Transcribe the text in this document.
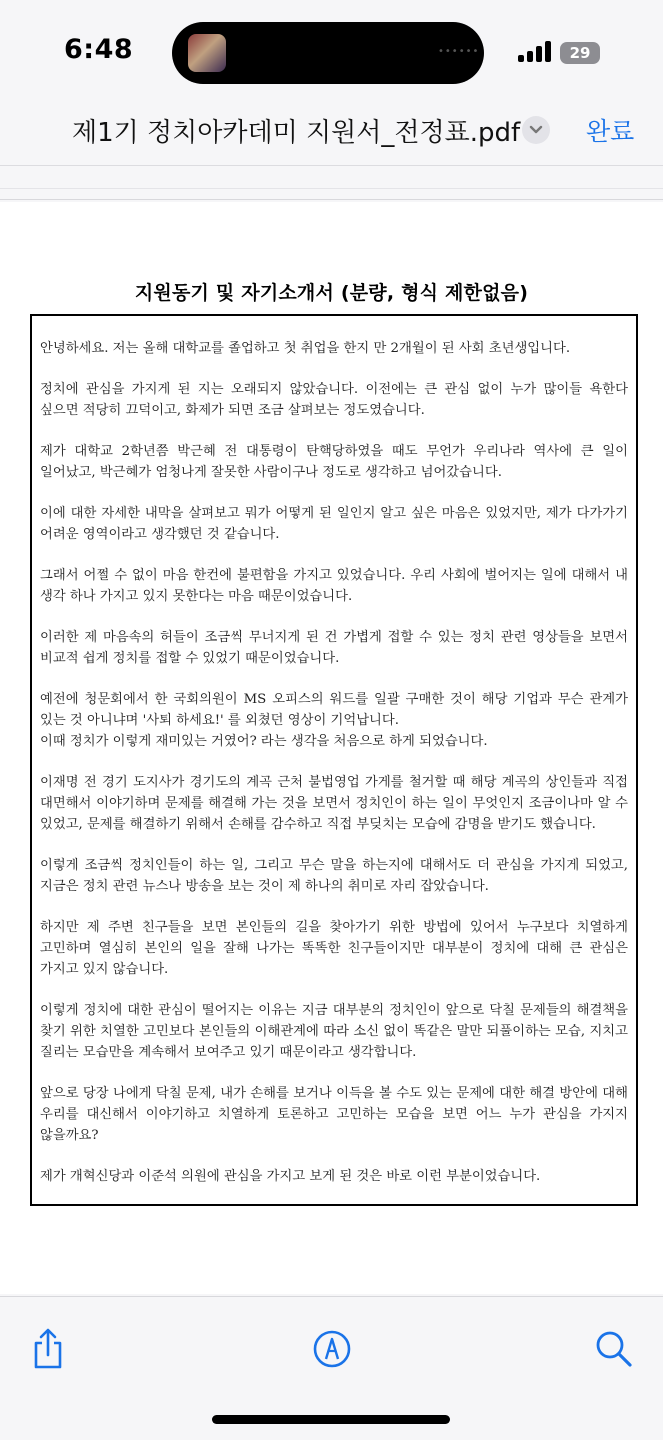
6:48	••••••	29
제1기 정치아카데미 지원서_전정표.pdf	완료
지원동기 및 자기소개서 (분량, 형식 제한없음)

안녕하세요. 저는 올해 대학교를 졸업하고 첫 취업을 한지 만 2개월이 된 사회 초년생입니다.

정치에 관심을 가지게 된 지는 오래되지 않았습니다. 이전에는 큰 관심 없이 누가 많이들 욕한다 싶으면 적당히 끄덕이고, 화제가 되면 조금 살펴보는 정도였습니다.

제가 대학교 2학년쯤 박근혜 전 대통령이 탄핵당하였을 때도 무언가 우리나라 역사에 큰 일이 일어났고, 박근혜가 엄청나게 잘못한 사람이구나 정도로 생각하고 넘어갔습니다.

이에 대한 자세한 내막을 살펴보고 뭐가 어떻게 된 일인지 알고 싶은 마음은 있었지만, 제가 다가가기 어려운 영역이라고 생각했던 것 같습니다.

그래서 어쩔 수 없이 마음 한컨에 불편함을 가지고 있었습니다. 우리 사회에 벌어지는 일에 대해서 내 생각 하나 가지고 있지 못한다는 마음 때문이었습니다.

이러한 제 마음속의 허들이 조금씩 무너지게 된 건 가볍게 접할 수 있는 정치 관련 영상들을 보면서 비교적 쉽게 정치를 접할 수 있었기 때문이었습니다.

예전에 청문회에서 한 국회의원이 MS 오피스의 워드를 일괄 구매한 것이 해당 기업과 무슨 관계가 있는 것 아니냐며 '사퇴 하세요!' 를 외쳤던 영상이 기억납니다.
이때 정치가 이렇게 재미있는 거였어? 라는 생각을 처음으로 하게 되었습니다.

이재명 전 경기 도지사가 경기도의 계곡 근처 불법영업 가게를 철거할 때 해당 계곡의 상인들과 직접 대면해서 이야기하며 문제를 해결해 가는 것을 보면서 정치인이 하는 일이 무엇인지 조금이나마 알 수 있었고, 문제를 해결하기 위해서 손해를 감수하고 직접 부딪치는 모습에 감명을 받기도 했습니다.

이렇게 조금씩 정치인들이 하는 일, 그리고 무슨 말을 하는지에 대해서도 더 관심을 가지게 되었고, 지금은 정치 관련 뉴스나 방송을 보는 것이 제 하나의 취미로 자리 잡았습니다.

하지만 제 주변 친구들을 보면 본인들의 길을 찾아가기 위한 방법에 있어서 누구보다 치열하게 고민하며 열심히 본인의 일을 잘해 나가는 똑똑한 친구들이지만 대부분이 정치에 대해 큰 관심은 가지고 있지 않습니다.

이렇게 정치에 대한 관심이 떨어지는 이유는 지금 대부분의 정치인이 앞으로 닥칠 문제들의 해결책을 찾기 위한 치열한 고민보다 본인들의 이해관계에 따라 소신 없이 똑같은 말만 되풀이하는 모습, 지치고 질리는 모습만을 계속해서 보여주고 있기 때문이라고 생각합니다.

앞으로 당장 나에게 닥칠 문제, 내가 손해를 보거나 이득을 볼 수도 있는 문제에 대한 해결 방안에 대해 우리를 대신해서 이야기하고 치열하게 토론하고 고민하는 모습을 보면 어느 누가 관심을 가지지 않을까요?

제가 개혁신당과 이준석 의원에 관심을 가지고 보게 된 것은 바로 이런 부분이었습니다.
